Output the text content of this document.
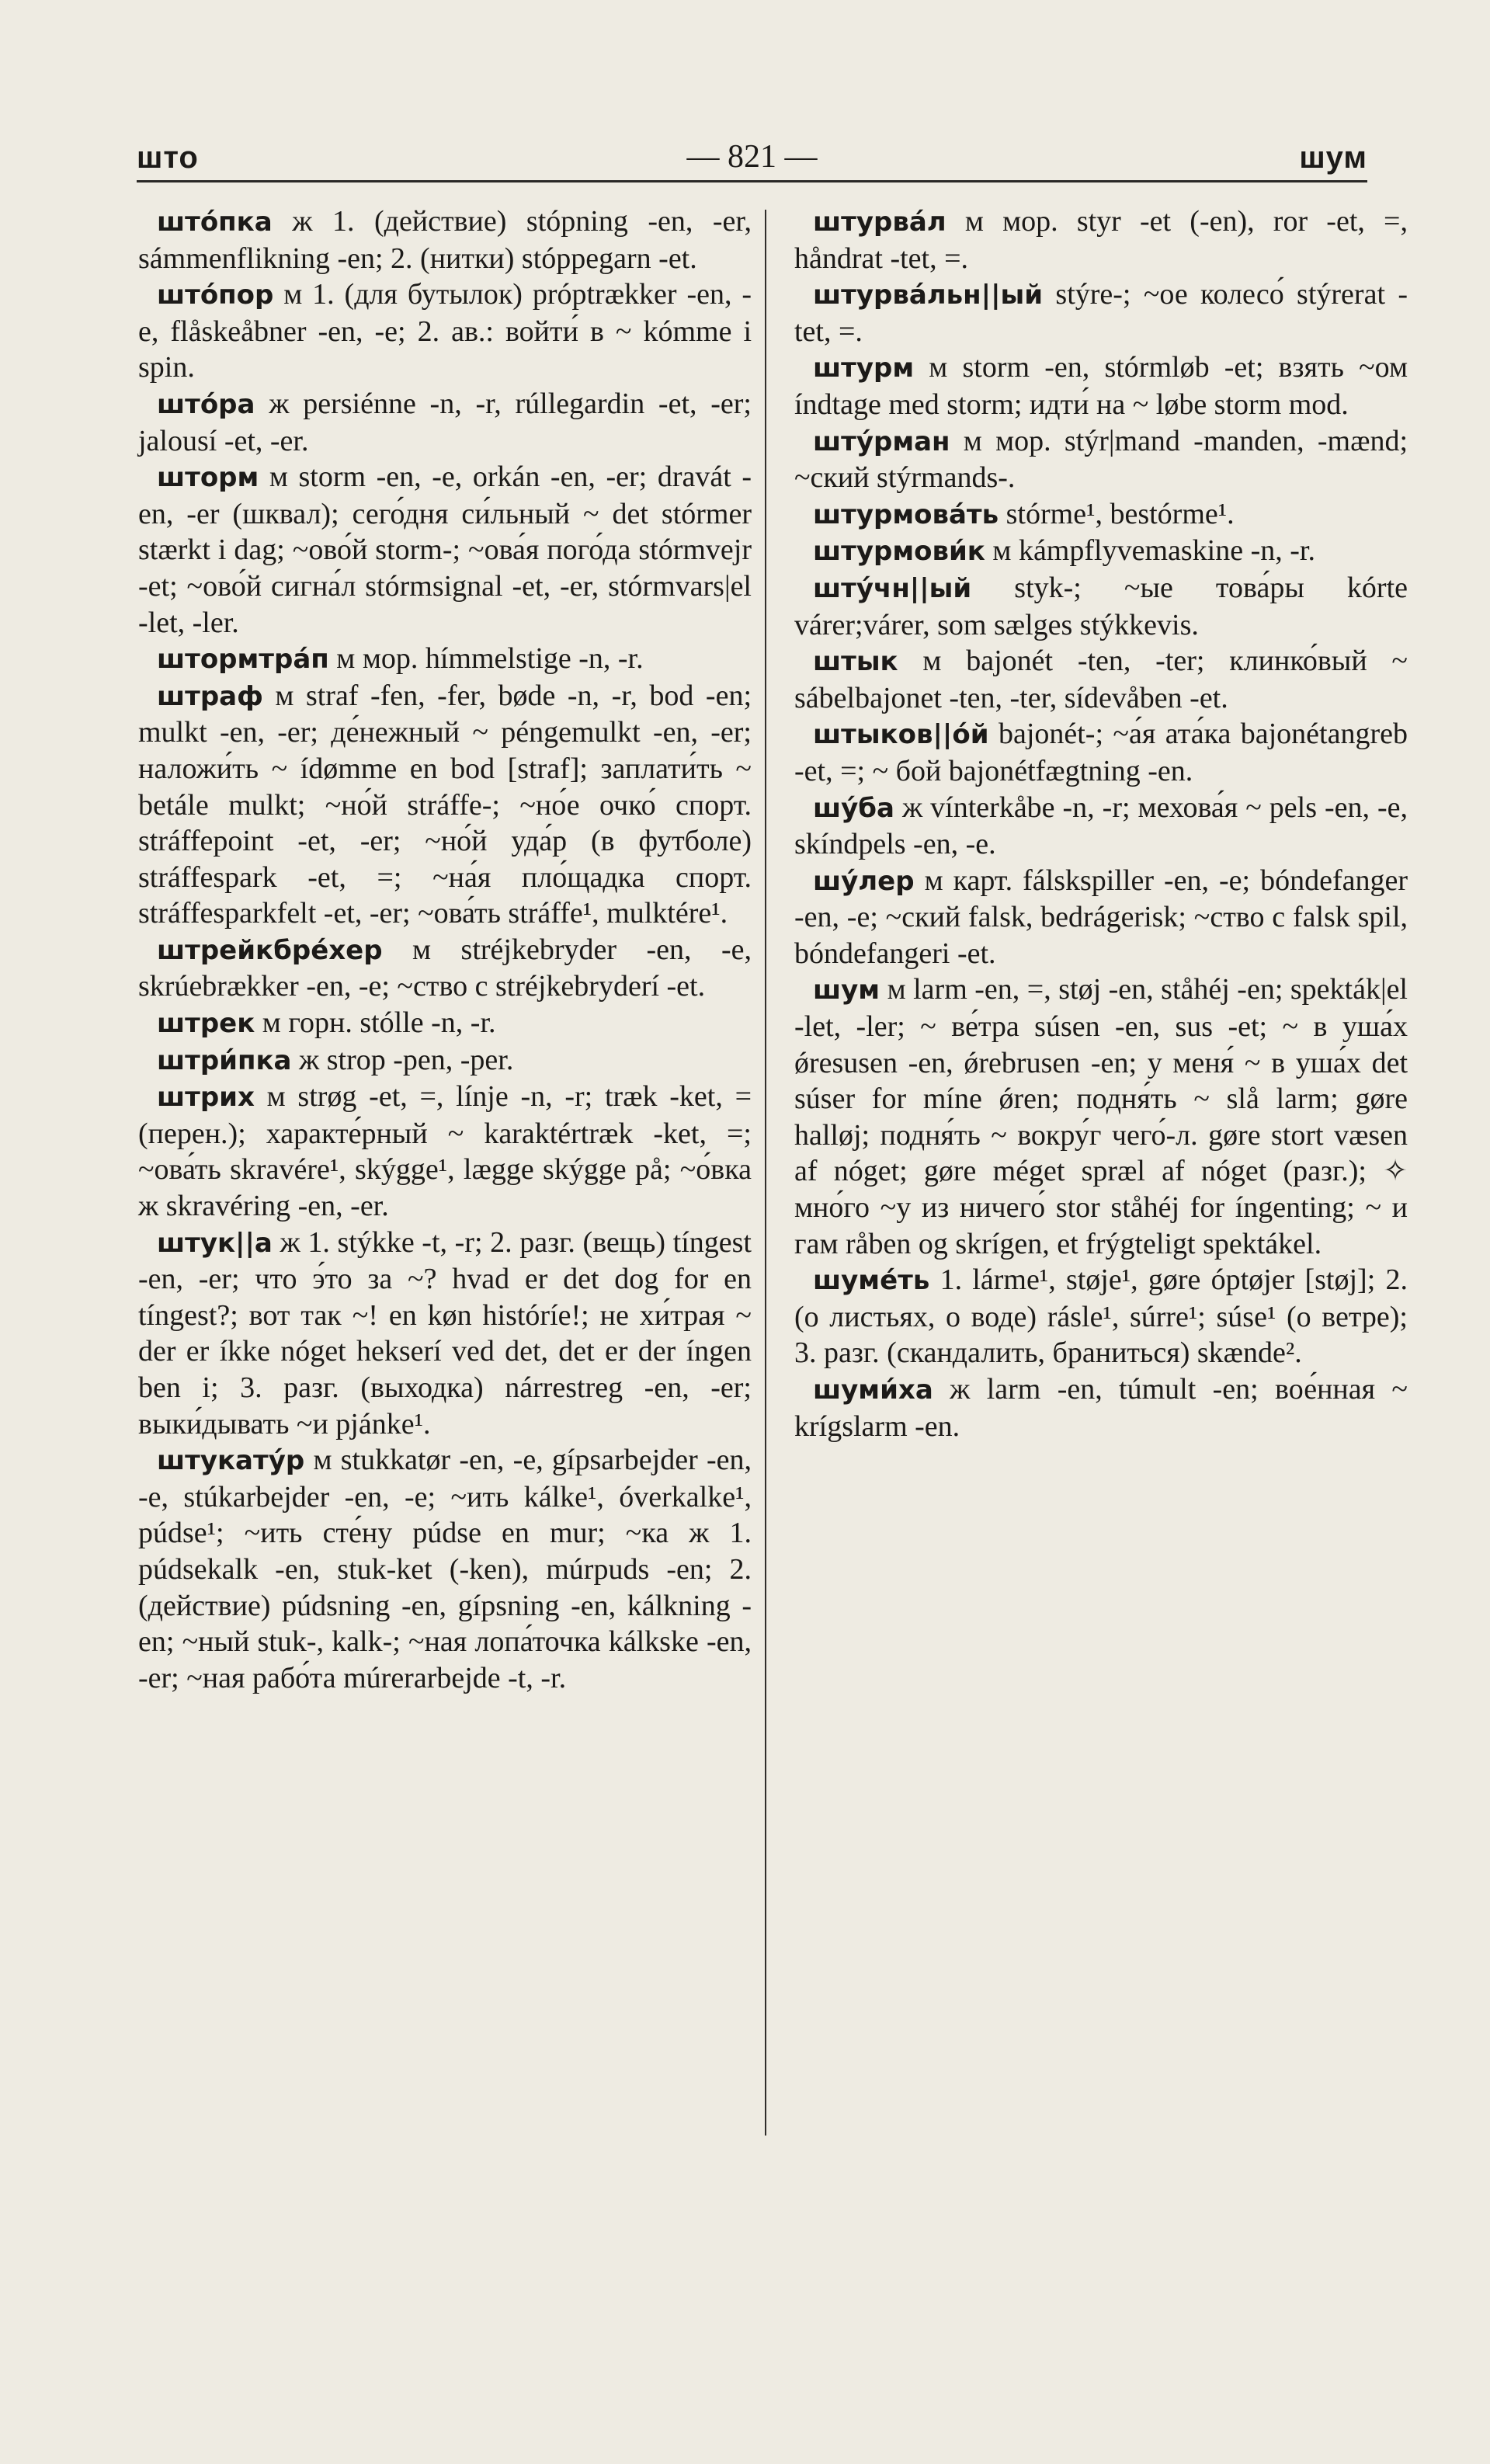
што	— 821 —	шум

што́пка ж 1. (действие) stópning -en, -er, sámmenflikning -en; 2. (нитки) stóppegarn -et.

што́пор м 1. (для бутылок) próptrækker -en, -e, flåskeåbner -en, -e; 2. ав.: войти́ в ~ kómme i spin.

што́ра ж persiénne -n, -r, rúllegardin -et, -er; jalousí -et, -er.

шторм м storm -en, -e, orkán -en, -er; dravát -en, -er (шквал); сего́дня си́льный ~ det stórmer stærkt i dag; ~ово́й storm-; ~ова́я пого́да stórmvejr -et; ~ово́й сигна́л stórmsignal -et, -er, stórmvars|el -let, -ler.

штормтра́п м мор. hímmelstige -n, -r.

штраф м straf -fen, -fer, bøde -n, -r, bod -en; mulkt -en, -er; де́нежный ~ péngemulkt -en, -er; наложи́ть ~ ídømme en bod [straf]; заплати́ть ~ betále mulkt; ~но́й stráffe-; ~но́е очко́ спорт. stráffepoint -et, -er; ~но́й уда́р (в футболе) stráffespark -et, =; ~на́я пло́щадка спорт. stráffesparkfelt -et, -er; ~ова́ть stráffe¹, mulktére¹.

штрейкбре́хер м stréjkebryder -en, -e, skrúebrækker -en, -e; ~ство с stréjkebryderí -et.

штрек м горн. stólle -n, -r.

штри́пка ж strop -pen, -per.

штрих м strøg -et, =, línje -n, -r; træk -ket, = (перен.); характе́рный ~ karaktértræk -ket, =; ~ова́ть skravére¹, skýgge¹, lægge skýgge på; ~о́вка ж skravéring -en, -er.

штук||а ж 1. stýkke -t, -r; 2. разг. (вещь) tíngest -en, -er; что э́то за ~? hvad er det dog for en tíngest?; вот так ~! en køn históríe!; не хи́трая ~ der er íkke nóget hekserí ved det, det er der íngen ben i; 3. разг. (выходка) nárrestreg -en, -er; выки́дывать ~и pjánke¹.

штукату́р м stukkatør -en, -e, gípsarbejder -en, -e, stúkarbejder -en, -e; ~ить kálke¹, óverkalke¹, púdse¹; ~ить сте́ну púdse en mur; ~ка ж 1. púdsekalk -en, stuk-ket (-ken), múrpuds -en; 2. (действие) púdsning -en, gípsning -en, kálkning -en; ~ный stuk-, kalk-; ~ная лопа́точка kálkske -en, -er; ~ная рабо́та múrerarbejde -t, -r.

штурва́л м мор. styr -et (-en), ror -et, =, håndrat -tet, =.

штурва́льн||ый stýre-; ~ое колесо́ stýrerat -tet, =.

штурм м storm -en, stórmløb -et; взять ~ом índtage med storm; идти́ на ~ løbe storm mod.

шту́рман м мор. stýr|mand -manden, -mænd; ~ский stýrmands-.

штурмова́ть stórme¹, bestórme¹.

штурмови́к м kámpflyvemaskine -n, -r.

шту́чн||ый styk-; ~ые това́ры kórte várer;várer, som sælges stýkkevis.

штык м bajonét -ten, -ter; клинко́вый ~ sábelbajonet -ten, -ter, sídevåben -et.

штыков||о́й bajonét-; ~а́я ата́ка bajonétangreb -et, =; ~ бой bajonétfægtning -en.

шу́ба ж vínterkåbe -n, -r; мехова́я ~ pels -en, -e, skíndpels -en, -e.

шу́лер м карт. fálskspiller -en, -e; bóndefanger -en, -e; ~ский falsk, bedrágerisk; ~ство с falsk spil, bóndefangeri -et.

шум м larm -en, =, støj -en, ståhéj -en; spekták|el -let, -ler; ~ ве́тра súsen -en, sus -et; ~ в уша́х ǿresusen -en, ǿrebrusen -en; у меня́ ~ в уша́х det súser for míne ǿren; подня́ть ~ slå larm; gøre halløj; подня́ть ~ вокру́г чего́-л. gøre stort væsen af nóget; gøre méget spræl af nóget (разг.); ✧ мно́го ~у из ничего́ stor ståhéj for íngenting; ~ и гам råben og skrígen, et frýgteligt spektákel.

шуме́ть 1. lárme¹, støje¹, gøre óptøjer [støj]; 2. (о листьях, о воде) rásle¹, súrre¹; súse¹ (о ветре); 3. разг. (скандалить, браниться) skænde².

шуми́ха ж larm -en, túmult -en; вое́нная ~ krígslarm -en.
